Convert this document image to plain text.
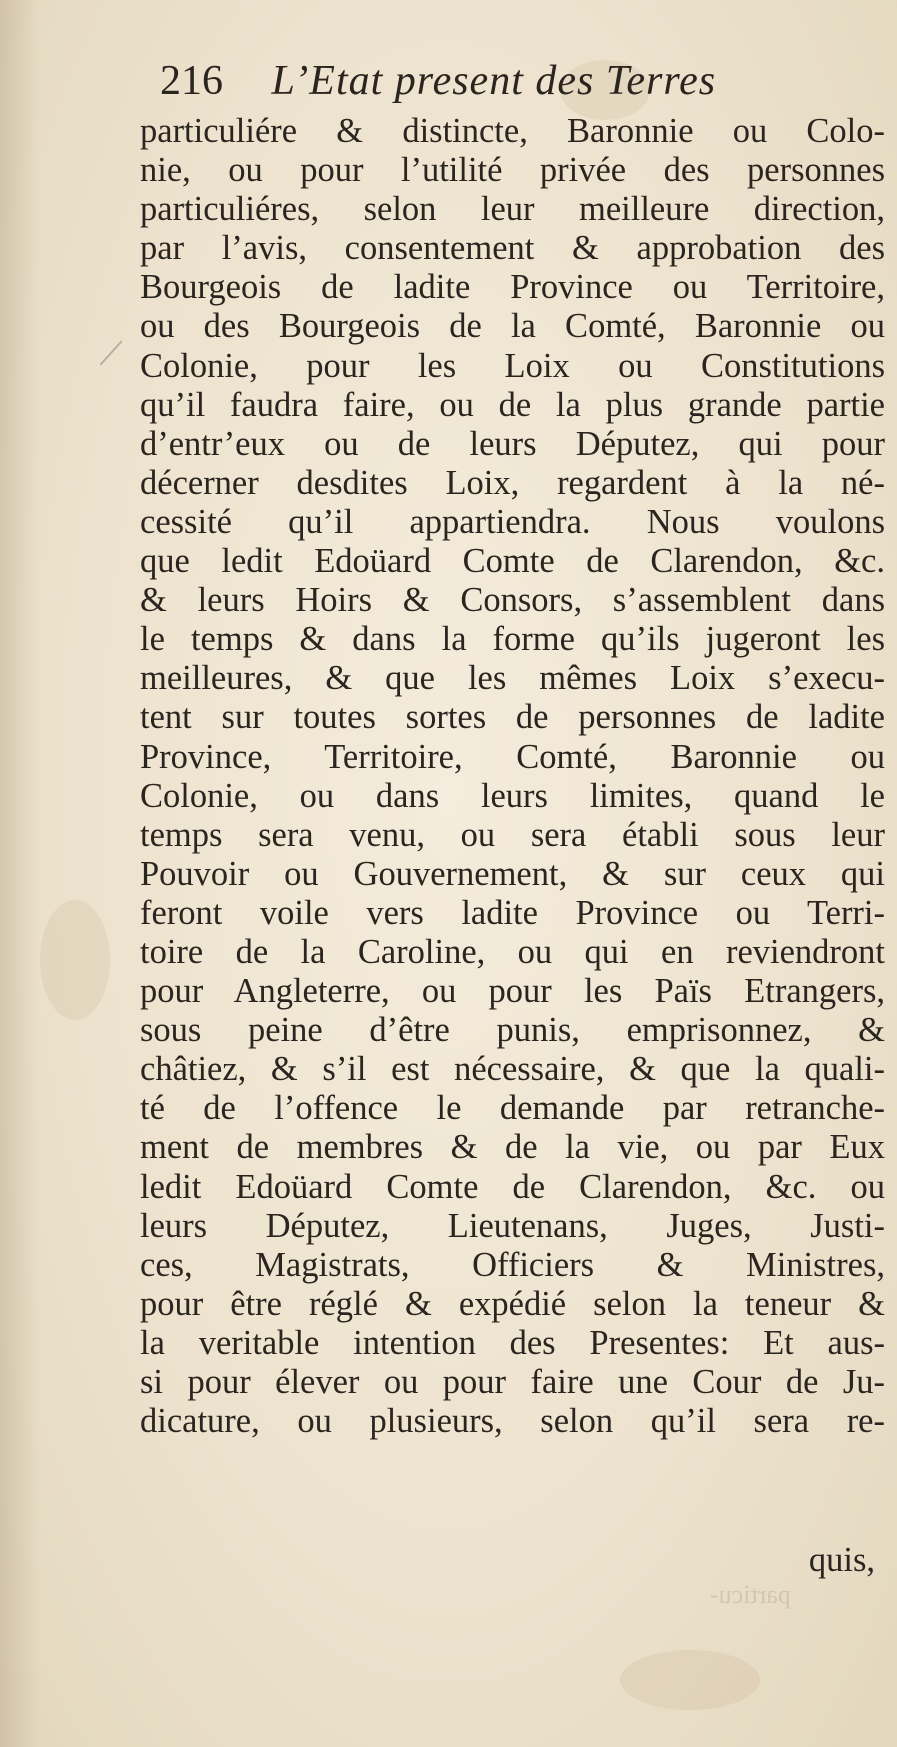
216 L’Etat present des Terres
particuliére & distincte, Baronnie ou Colo-
nie, ou pour l’utilité privée des personnes
particuliéres, selon leur meilleure direction,
par l’avis, consentement & approbation des
Bourgeois de ladite Province ou Territoire,
ou des Bourgeois de la Comté, Baronnie ou
Colonie, pour les Loix ou Constitutions
qu’il faudra faire, ou de la plus grande partie
d’entr’eux ou de leurs Députez, qui pour
décerner desdites Loix, regardent à la né-
cessité qu’il appartiendra. Nous voulons
que ledit Edoüard Comte de Clarendon, &c.
& leurs Hoirs & Consors, s’assemblent dans
le temps & dans la forme qu’ils jugeront les
meilleures, & que les mêmes Loix s’execu-
tent sur toutes sortes de personnes de ladite
Province, Territoire, Comté, Baronnie ou
Colonie, ou dans leurs limites, quand le
temps sera venu, ou sera établi sous leur
Pouvoir ou Gouvernement, & sur ceux qui
feront voile vers ladite Province ou Terri-
toire de la Caroline, ou qui en reviendront
pour Angleterre, ou pour les Païs Etrangers,
sous peine d’être punis, emprisonnez, &
châtiez, & s’il est nécessaire, & que la quali-
té de l’offence le demande par retranche-
ment de membres & de la vie, ou par Eux
ledit Edoüard Comte de Clarendon, &c. ou
leurs Députez, Lieutenans, Juges, Justi-
ces, Magistrats, Officiers & Ministres,
pour être réglé & expédié selon la teneur &
la veritable intention des Presentes: Et aus-
si pour élever ou pour faire une Cour de Ju-
dicature, ou plusieurs, selon qu’il sera re-
quis,
particu-
